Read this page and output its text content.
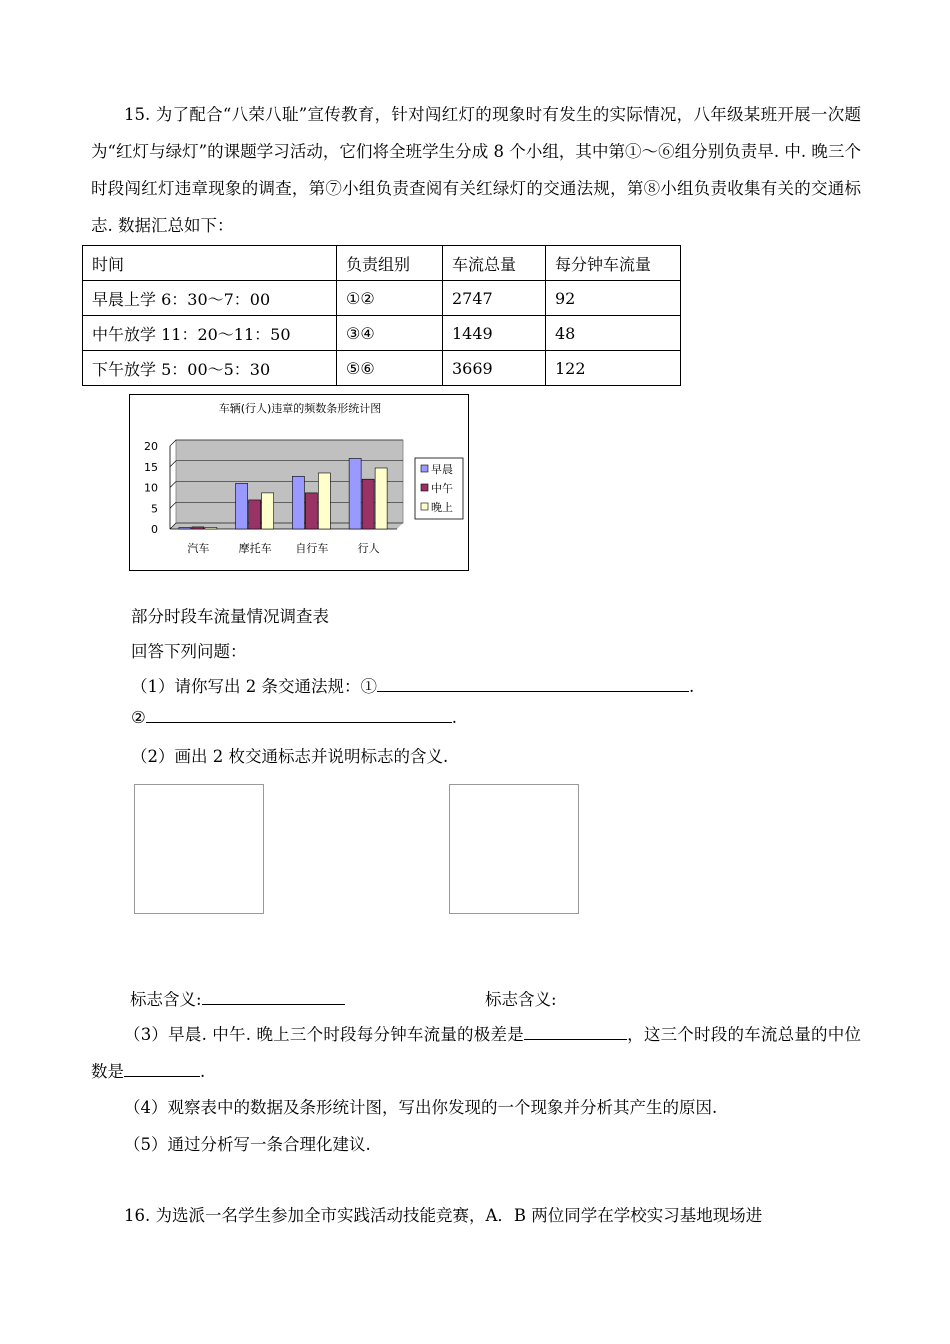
15. 为了配合“八荣八耻”宣传教育，针对闯红灯的现象时有发生的实际情况，八年级某班开展一次题为“红灯与绿灯”的课题学习活动，它们将全班学生分成 8 个小组，其中第①～⑥组分别负责早. 中. 晚三个时段闯红灯违章现象的调查，第⑦小组负责查阅有关红绿灯的交通法规，第⑧小组负责收集有关的交通标志. 数据汇总如下：
时间	负责组别	车流总量	每分钟车流量
早晨上学 6：30～7：00	①②	2747	92
中午放学 11：20～11：50	③④	1449	48
下午放学 5：00～5：30	⑤⑥	3669	122
车辆(行人)违章的频数条形统计图
0
5
10
15
20
汽车	摩托车 自行车	行人
早晨
中午
晚上
部分时段车流量情况调查表
回答下列问题：
（1）请你写出 2 条交通法规：①	.
②	.
（2）画出 2 枚交通标志并说明标志的含义.
标志含义:	标志含义:
（3）早晨. 中午. 晚上三个时段每分钟车流量的极差是	，这三个时段的车流总量的中位数是	.
（4）观察表中的数据及条形统计图，写出你发现的一个现象并分析其产生的原因.
（5）通过分析写一条合理化建议.
16. 为选派一名学生参加全市实践活动技能竞赛，A．B 两位同学在学校实习基地现场进
